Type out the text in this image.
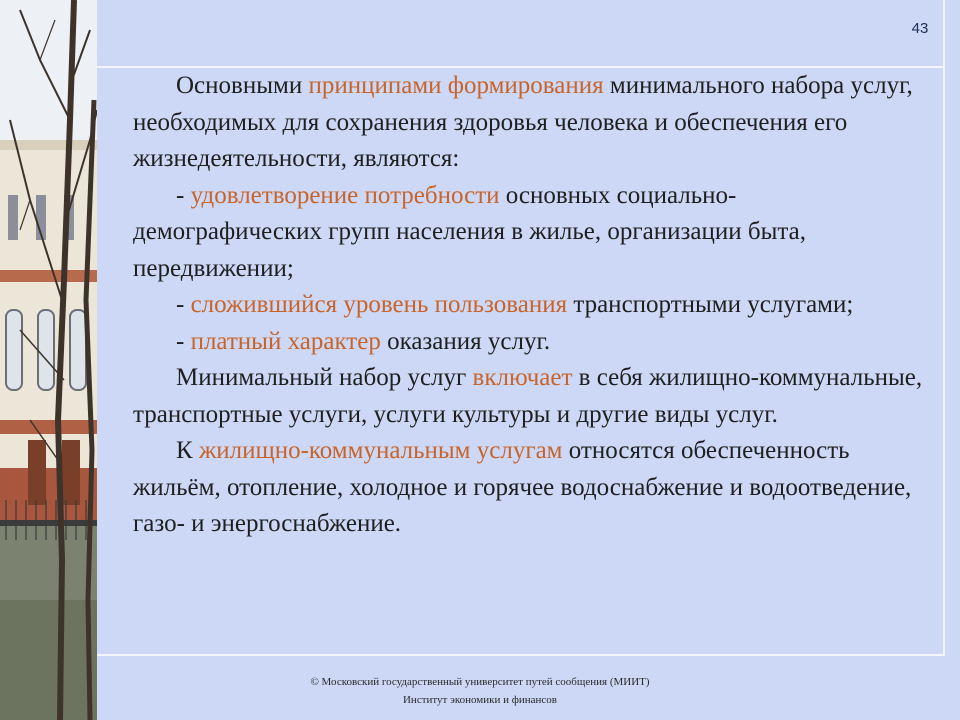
43

Основными принципами формирования минимального набора услуг, необходимых для сохранения здоровья человека и обеспечения его жизнедеятельности, являются:

- удовлетворение потребности основных социально-демографических групп населения в жилье, организации быта, передвижении;

- сложившийся уровень пользования транспортными услугами;

- платный характер оказания услуг.

Минимальный набор услуг включает в себя жилищно-коммунальные, транспортные услуги, услуги культуры и другие виды услуг.

К жилищно-коммунальным услугам относятся обеспеченность жильём, отопление, холодное и горячее водоснабжение и водоотведение, газо- и энергоснабжение.

© Московский государственный университет путей сообщения (МИИТ)
Институт экономики и финансов
